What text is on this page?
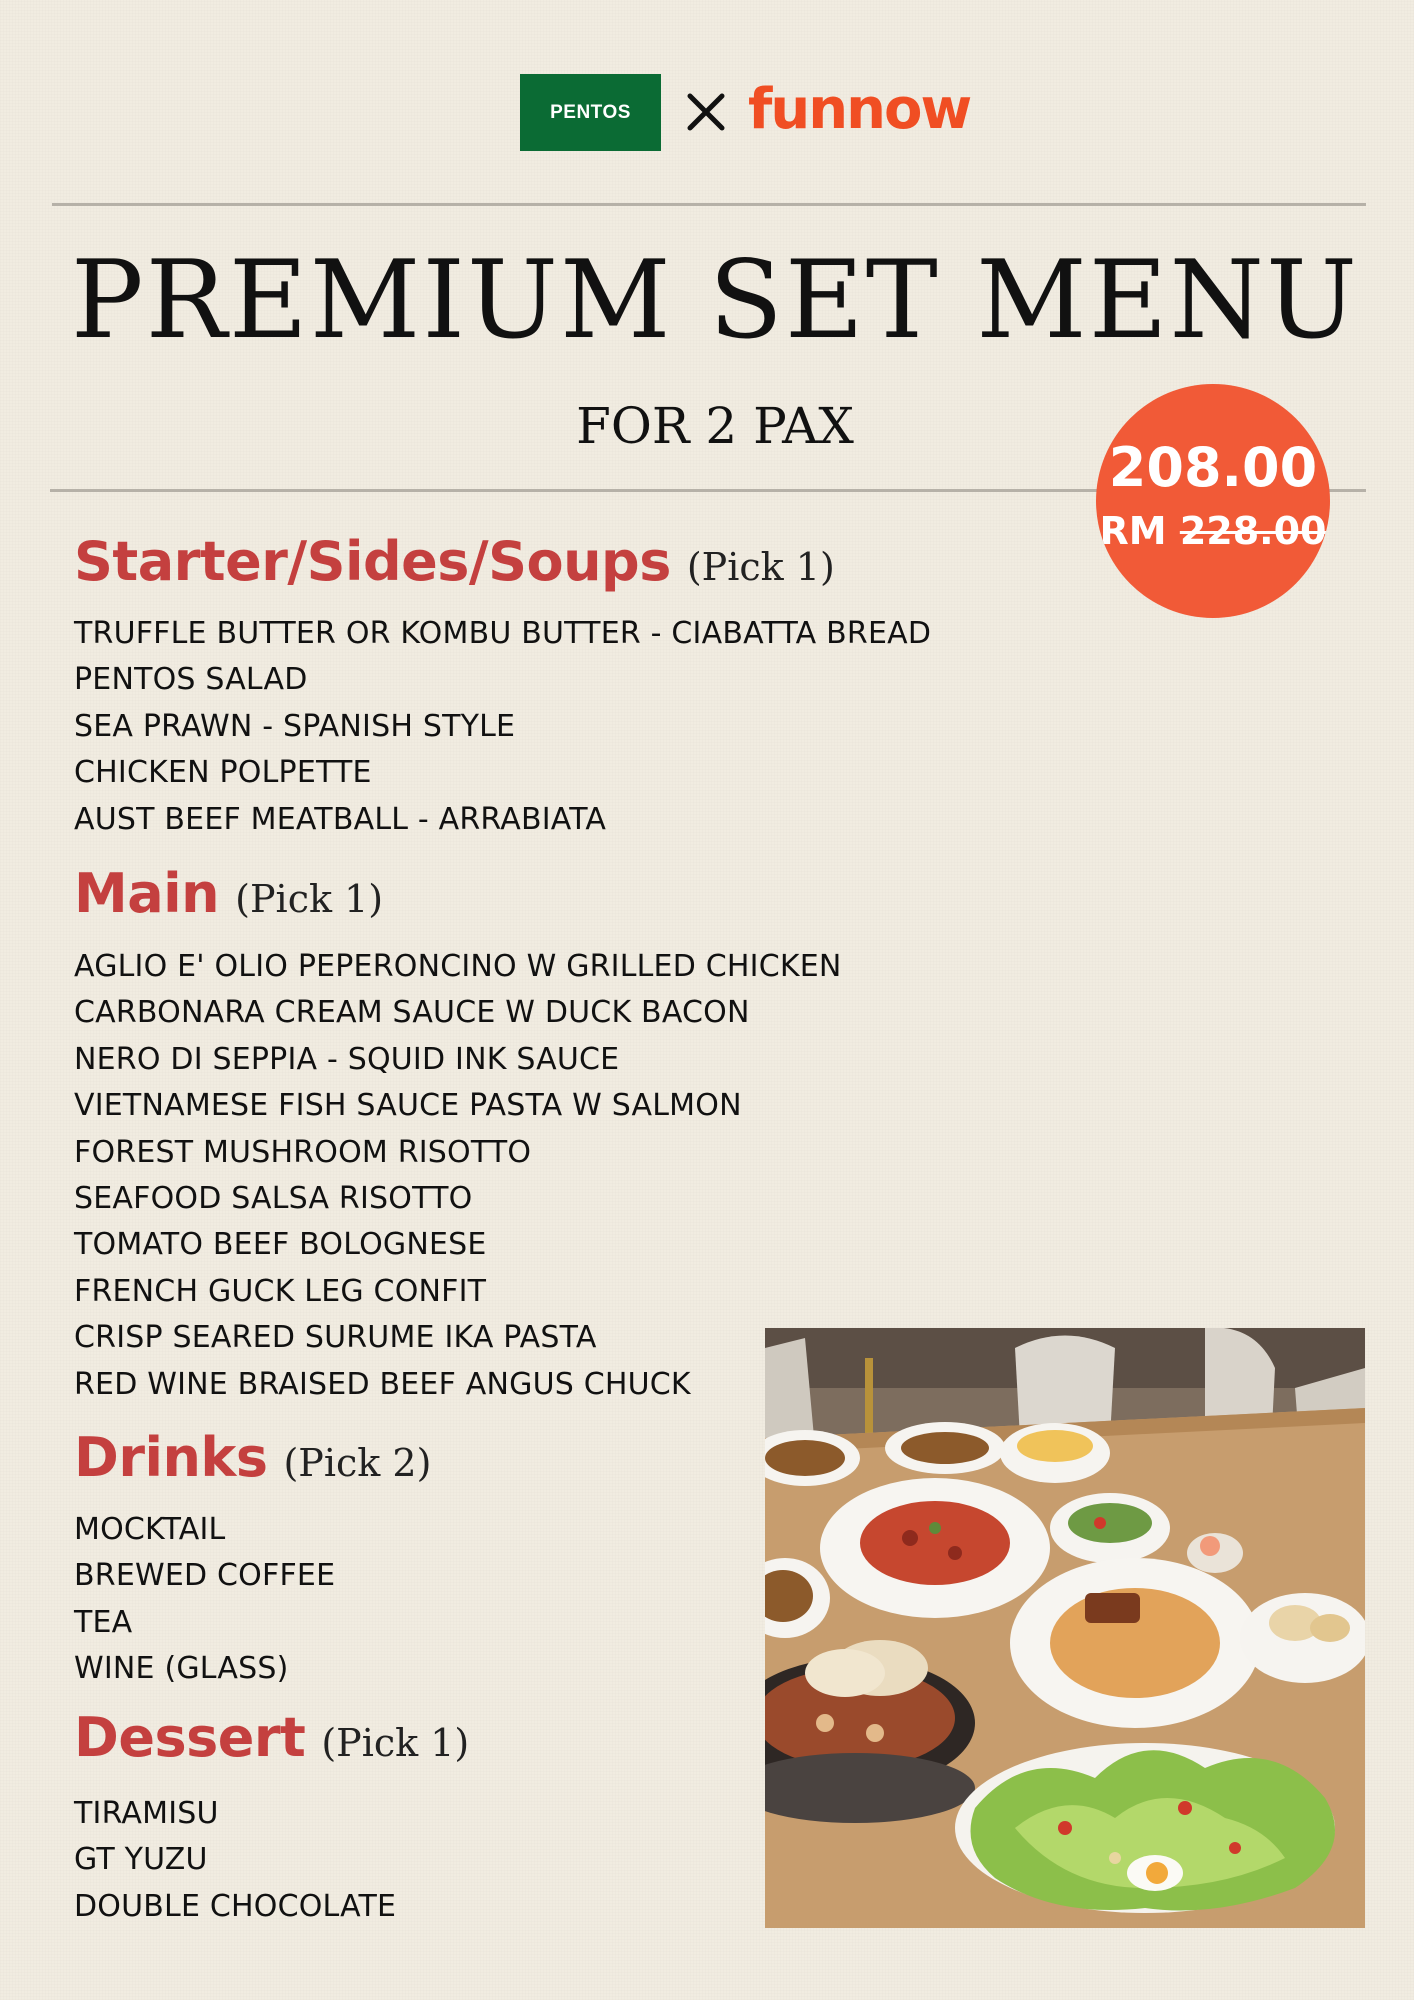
PENTOS funnow
PREMIUM SET MENU
FOR 2 PAX
208.00
RM 228.00
Starter/Sides/Soups (Pick 1)
TRUFFLE BUTTER OR KOMBU BUTTER - CIABATTA BREAD
PENTOS SALAD
SEA PRAWN - SPANISH STYLE
CHICKEN POLPETTE
AUST BEEF MEATBALL - ARRABIATA
Main (Pick 1)
AGLIO E' OLIO PEPERONCINO W GRILLED CHICKEN
CARBONARA CREAM SAUCE W DUCK BACON
NERO DI SEPPIA - SQUID INK SAUCE
VIETNAMESE FISH SAUCE PASTA W SALMON
FOREST MUSHROOM RISOTTO
SEAFOOD SALSA RISOTTO
TOMATO BEEF BOLOGNESE
FRENCH GUCK LEG CONFIT
CRISP SEARED SURUME IKA PASTA
RED WINE BRAISED BEEF ANGUS CHUCK
Drinks (Pick 2)
MOCKTAIL
BREWED COFFEE
TEA
WINE (GLASS)
Dessert (Pick 1)
TIRAMISU
GT YUZU
DOUBLE CHOCOLATE
